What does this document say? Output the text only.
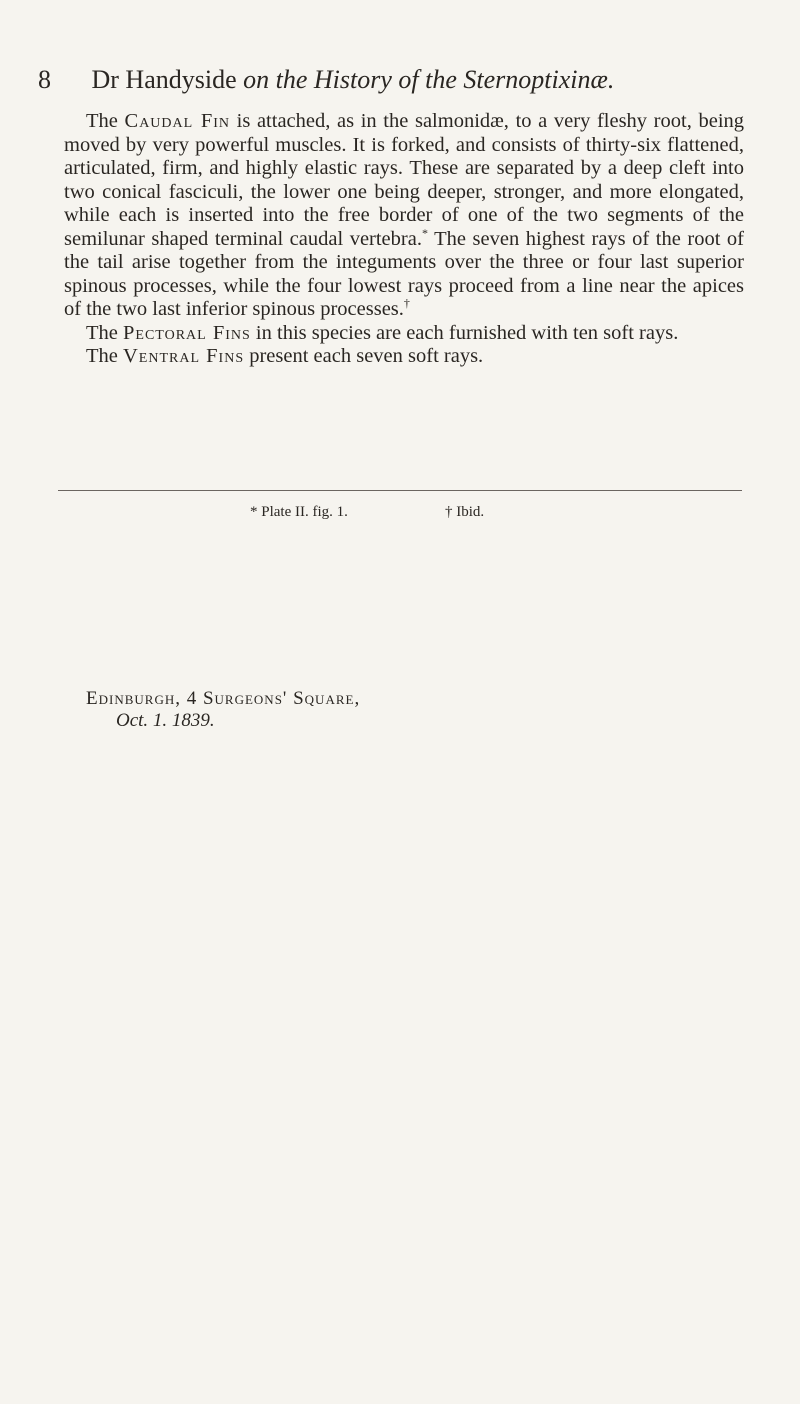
8 Dr Handyside on the History of the Sternoptixinæ.

The Caudal Fin is attached, as in the salmonidæ, to a very fleshy root, being moved by very powerful muscles. It is forked, and consists of thirty-six flattened, articulated, firm, and highly elastic rays. These are separated by a deep cleft into two conical fasciculi, the lower one being deeper, stronger, and more elongated, while each is inserted into the free border of one of the two segments of the semilunar shaped terminal caudal vertebra.* The seven highest rays of the root of the tail arise together from the integuments over the three or four last superior spinous processes, while the four lowest rays proceed from a line near the apices of the two last inferior spinous processes.†

The Pectoral Fins in this species are each furnished with ten soft rays.

The Ventral Fins present each seven soft rays.

* Plate II. fig. 1.	† Ibid.
Edinburgh, 4 Surgeons' Square,
Oct. 1. 1839.
